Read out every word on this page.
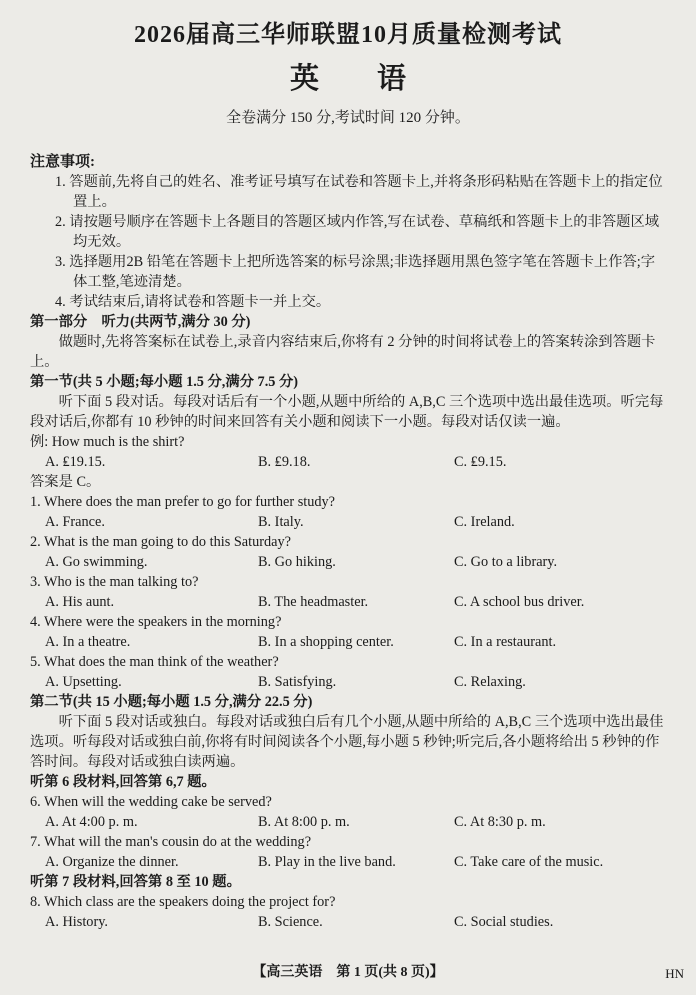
2026届高三华师联盟10月质量检测考试
英　　语

全卷满分 150 分,考试时间 120 分钟。

注意事项:

1. 答题前,先将自己的姓名、准考证号填写在试卷和答题卡上,并将条形码粘贴在答题卡上的指定位置上。

2. 请按题号顺序在答题卡上各题目的答题区域内作答,写在试卷、草稿纸和答题卡上的非答题区域均无效。

3. 选择题用2B 铅笔在答题卡上把所选答案的标号涂黑;非选择题用黑色签字笔在答题卡上作答;字体工整,笔迹清楚。

4. 考试结束后,请将试卷和答题卡一并上交。

第一部分　听力(共两节,满分 30 分)

做题时,先将答案标在试卷上,录音内容结束后,你将有 2 分钟的时间将试卷上的答案转涂到答题卡上。

第一节(共 5 小题;每小题 1.5 分,满分 7.5 分)

听下面 5 段对话。每段对话后有一个小题,从题中所给的 A,B,C 三个选项中选出最佳选项。听完每段对话后,你都有 10 秒钟的时间来回答有关小题和阅读下一小题。每段对话仅读一遍。

例: How much is the shirt?

A. ₤19.15.	B. ₤9.18.	C. ₤9.15.

答案是 C。

1. Where does the man prefer to go for further study?

A. France.	B. Italy.	C. Ireland.

2. What is the man going to do this Saturday?

A. Go swimming.	B. Go hiking.	C. Go to a library.

3. Who is the man talking to?

A. His aunt.	B. The headmaster.	C. A school bus driver.

4. Where were the speakers in the morning?

A. In a theatre.	B. In a shopping center.	C. In a restaurant.

5. What does the man think of the weather?

A. Upsetting.	B. Satisfying.	C. Relaxing.

第二节(共 15 小题;每小题 1.5 分,满分 22.5 分)

听下面 5 段对话或独白。每段对话或独白后有几个小题,从题中所给的 A,B,C 三个选项中选出最佳选项。听每段对话或独白前,你将有时间阅读各个小题,每小题 5 秒钟;听完后,各小题将给出 5 秒钟的作答时间。每段对话或独白读两遍。

听第 6 段材料,回答第 6,7 题。

6. When will the wedding cake be served?

A. At 4:00 p. m.	B. At 8:00 p. m.	C. At 8:30 p. m.

7. What will the man's cousin do at the wedding?

A. Organize the dinner.	B. Play in the live band.	C. Take care of the music.

听第 7 段材料,回答第 8 至 10 题。

8. Which class are the speakers doing the project for?

A. History.	B. Science.	C. Social studies.
【高三英语　第 1 页(共 8 页)】	HN
